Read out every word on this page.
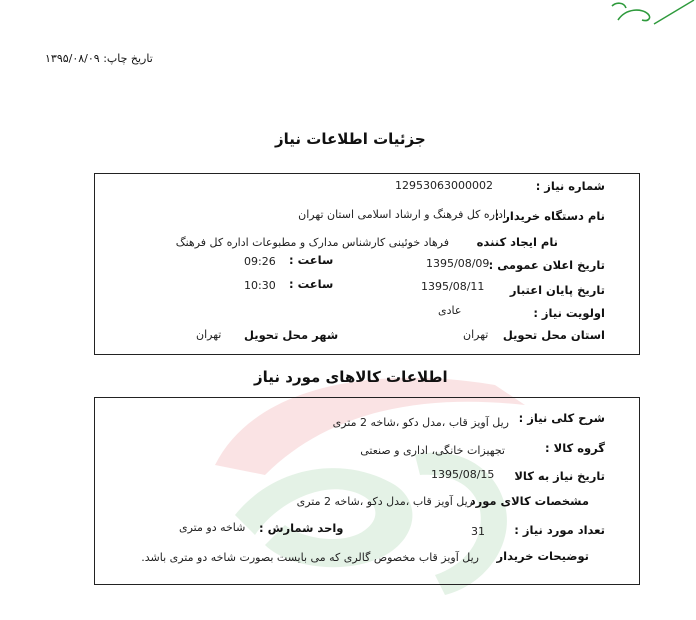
تاریخ چاپ: ۱۳۹۵/۰۸/۰۹
جزئیات اطلاعات نیاز
شماره نیاز :
12953063000002
نام دستگاه خریدار :
اداره کل فرهنگ و ارشاد اسلامی استان تهران
نام ایجاد کننده
فرهاد خوئینی کارشناس مدارک و مطبوعات اداره کل فرهنگ
تاریخ اعلان عمومی :
1395/08/09
ساعت :
09:26
تاریخ پایان اعتبار
1395/08/11
ساعت :
10:30
اولویت نیاز :
عادی
استان محل تحویل
تهران
شهر محل تحویل
تهران
اطلاعات کالاهای مورد نیاز
شرح کلی نیاز :
ریل آویز قاب ،مدل دکو ،شاخه 2 متری
گروه کالا :
تجهیزات خانگی، اداری و صنعتی
تاریخ نیاز به کالا
1395/08/15
مشخصات کالای مورد
ریل آویز قاب ،مدل دکو ،شاخه 2 متری
تعداد مورد نیاز :
31
واحد شمارش :
شاخه دو متری
توضیحات خریدار
ریل آویز قاب مخصوص گالری که می بایست بصورت شاخه دو متری باشد.
